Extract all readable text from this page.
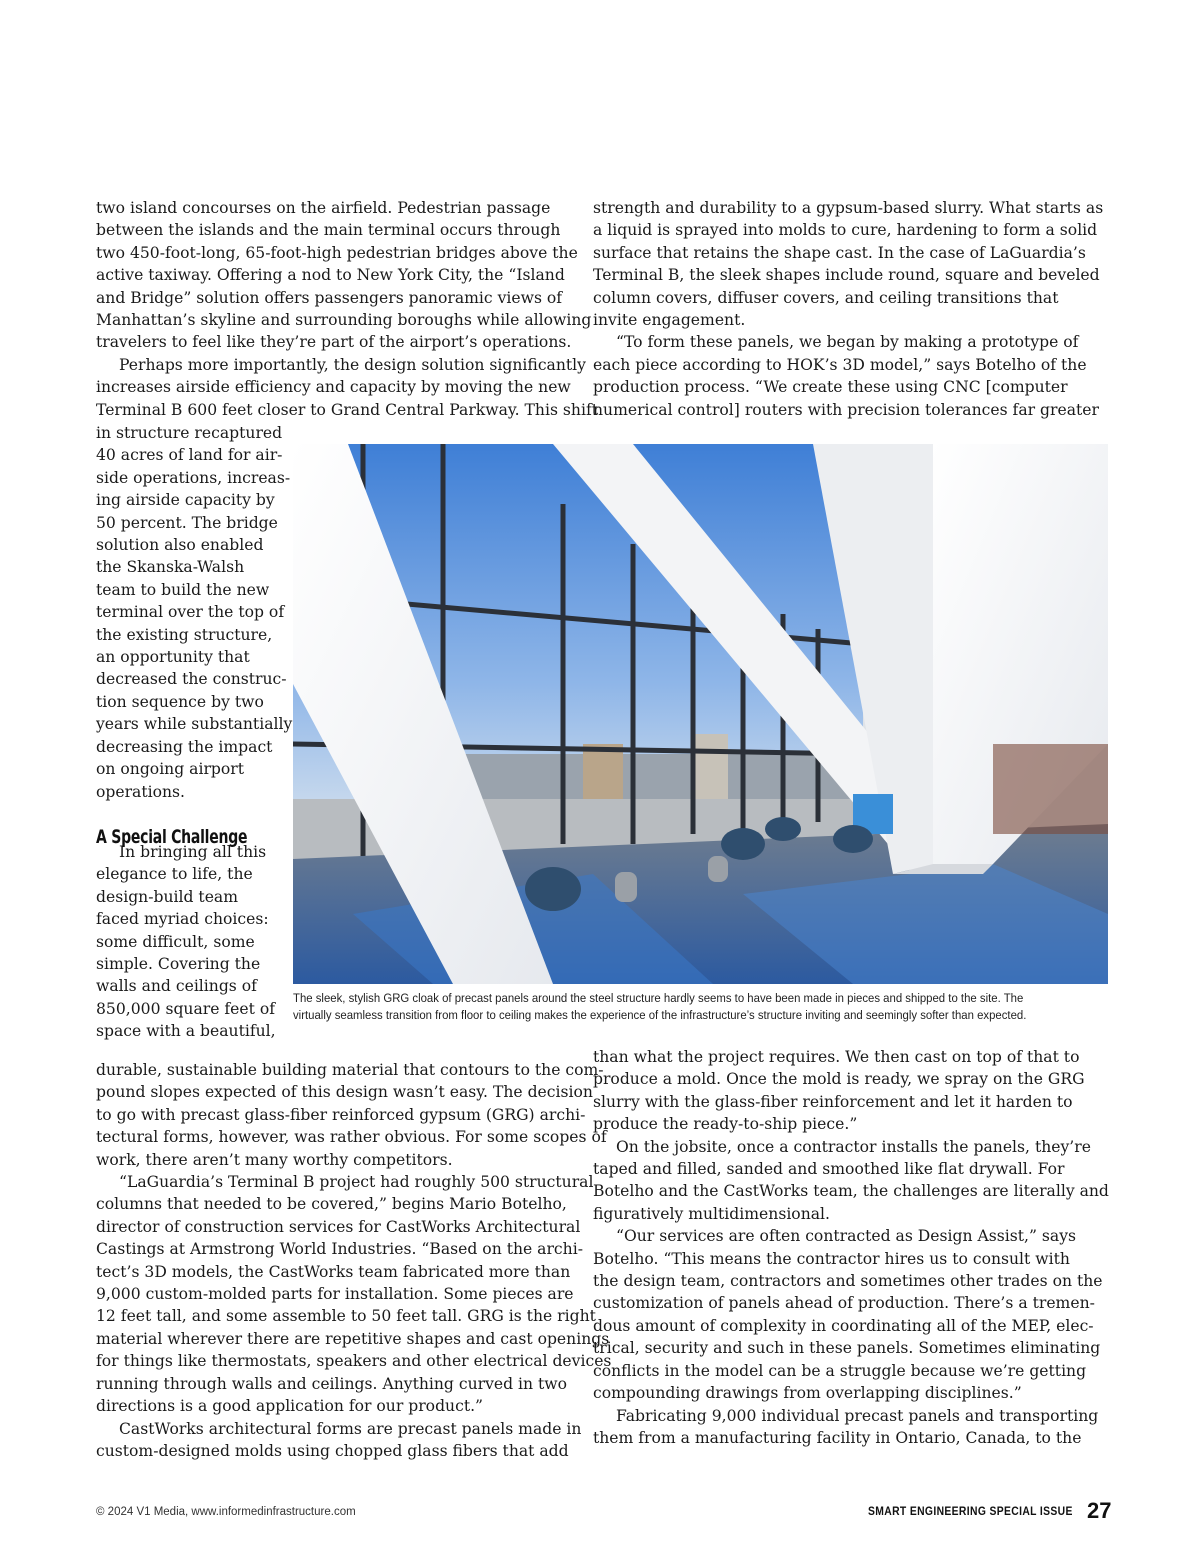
two island concourses on the airfield. Pedestrian passage
between the islands and the main terminal occurs through
two 450-foot-long, 65-foot-high pedestrian bridges above the
active taxiway. Offering a nod to New York City, the “Island
and Bridge” solution offers passengers panoramic views of
Manhattan’s skyline and surrounding boroughs while allowing
travelers to feel like they’re part of the airport’s operations.
Perhaps more importantly, the design solution significantly
increases airside efficiency and capacity by moving the new
Terminal B 600 feet closer to Grand Central Parkway. This shift
in structure recaptured
40 acres of land for air-
side operations, increas-
ing airside capacity by
50 percent. The bridge
solution also enabled
the Skanska-Walsh
team to build the new
terminal over the top of
the existing structure,
an opportunity that
decreased the construc-
tion sequence by two
years while substantially
decreasing the impact
on ongoing airport
operations.
In bringing all this
elegance to life, the
design-build team
faced myriad choices:
some difficult, some
simple. Covering the
walls and ceilings of
850,000 square feet of
space with a beautiful,
A Special Challenge
durable, sustainable building material that contours to the com-
pound slopes expected of this design wasn’t easy. The decision
to go with precast glass-fiber reinforced gypsum (GRG) archi-
tectural forms, however, was rather obvious. For some scopes of
work, there aren’t many worthy competitors.
“LaGuardia’s Terminal B project had roughly 500 structural
columns that needed to be covered,” begins Mario Botelho,
director of construction services for CastWorks Architectural
Castings at Armstrong World Industries. “Based on the archi-
tect’s 3D models, the CastWorks team fabricated more than
9,000 custom-molded parts for installation. Some pieces are
12 feet tall, and some assemble to 50 feet tall. GRG is the right
material wherever there are repetitive shapes and cast openings
for things like thermostats, speakers and other electrical devices
running through walls and ceilings. Anything curved in two
directions is a good application for our product.”
CastWorks architectural forms are precast panels made in
custom-designed molds using chopped glass fibers that add
strength and durability to a gypsum-based slurry. What starts as
a liquid is sprayed into molds to cure, hardening to form a solid
surface that retains the shape cast. In the case of LaGuardia’s
Terminal B, the sleek shapes include round, square and beveled
column covers, diffuser covers, and ceiling transitions that
invite engagement.
“To form these panels, we began by making a prototype of
each piece according to HOK’s 3D model,” says Botelho of the
production process. “We create these using CNC [computer
numerical control] routers with precision tolerances far greater
The sleek, stylish GRG cloak of precast panels around the steel structure hardly seems to have been made in pieces and shipped to the site. The
virtually seamless transition from floor to ceiling makes the experience of the infrastructure’s structure inviting and seemingly softer than expected.
than what the project requires. We then cast on top of that to
produce a mold. Once the mold is ready, we spray on the GRG
slurry with the glass-fiber reinforcement and let it harden to
produce the ready-to-ship piece.”
On the jobsite, once a contractor installs the panels, they’re
taped and filled, sanded and smoothed like flat drywall. For
Botelho and the CastWorks team, the challenges are literally and
figuratively multidimensional.
“Our services are often contracted as Design Assist,” says
Botelho. “This means the contractor hires us to consult with
the design team, contractors and sometimes other trades on the
customization of panels ahead of production. There’s a tremen-
dous amount of complexity in coordinating all of the MEP, elec-
trical, security and such in these panels. Sometimes eliminating
conflicts in the model can be a struggle because we’re getting
compounding drawings from overlapping disciplines.”
Fabricating 9,000 individual precast panels and transporting
them from a manufacturing facility in Ontario, Canada, to the
© 2024 V1 Media, www.informedinfrastructure.com	SMART ENGINEERING SPECIAL ISSUE 27
